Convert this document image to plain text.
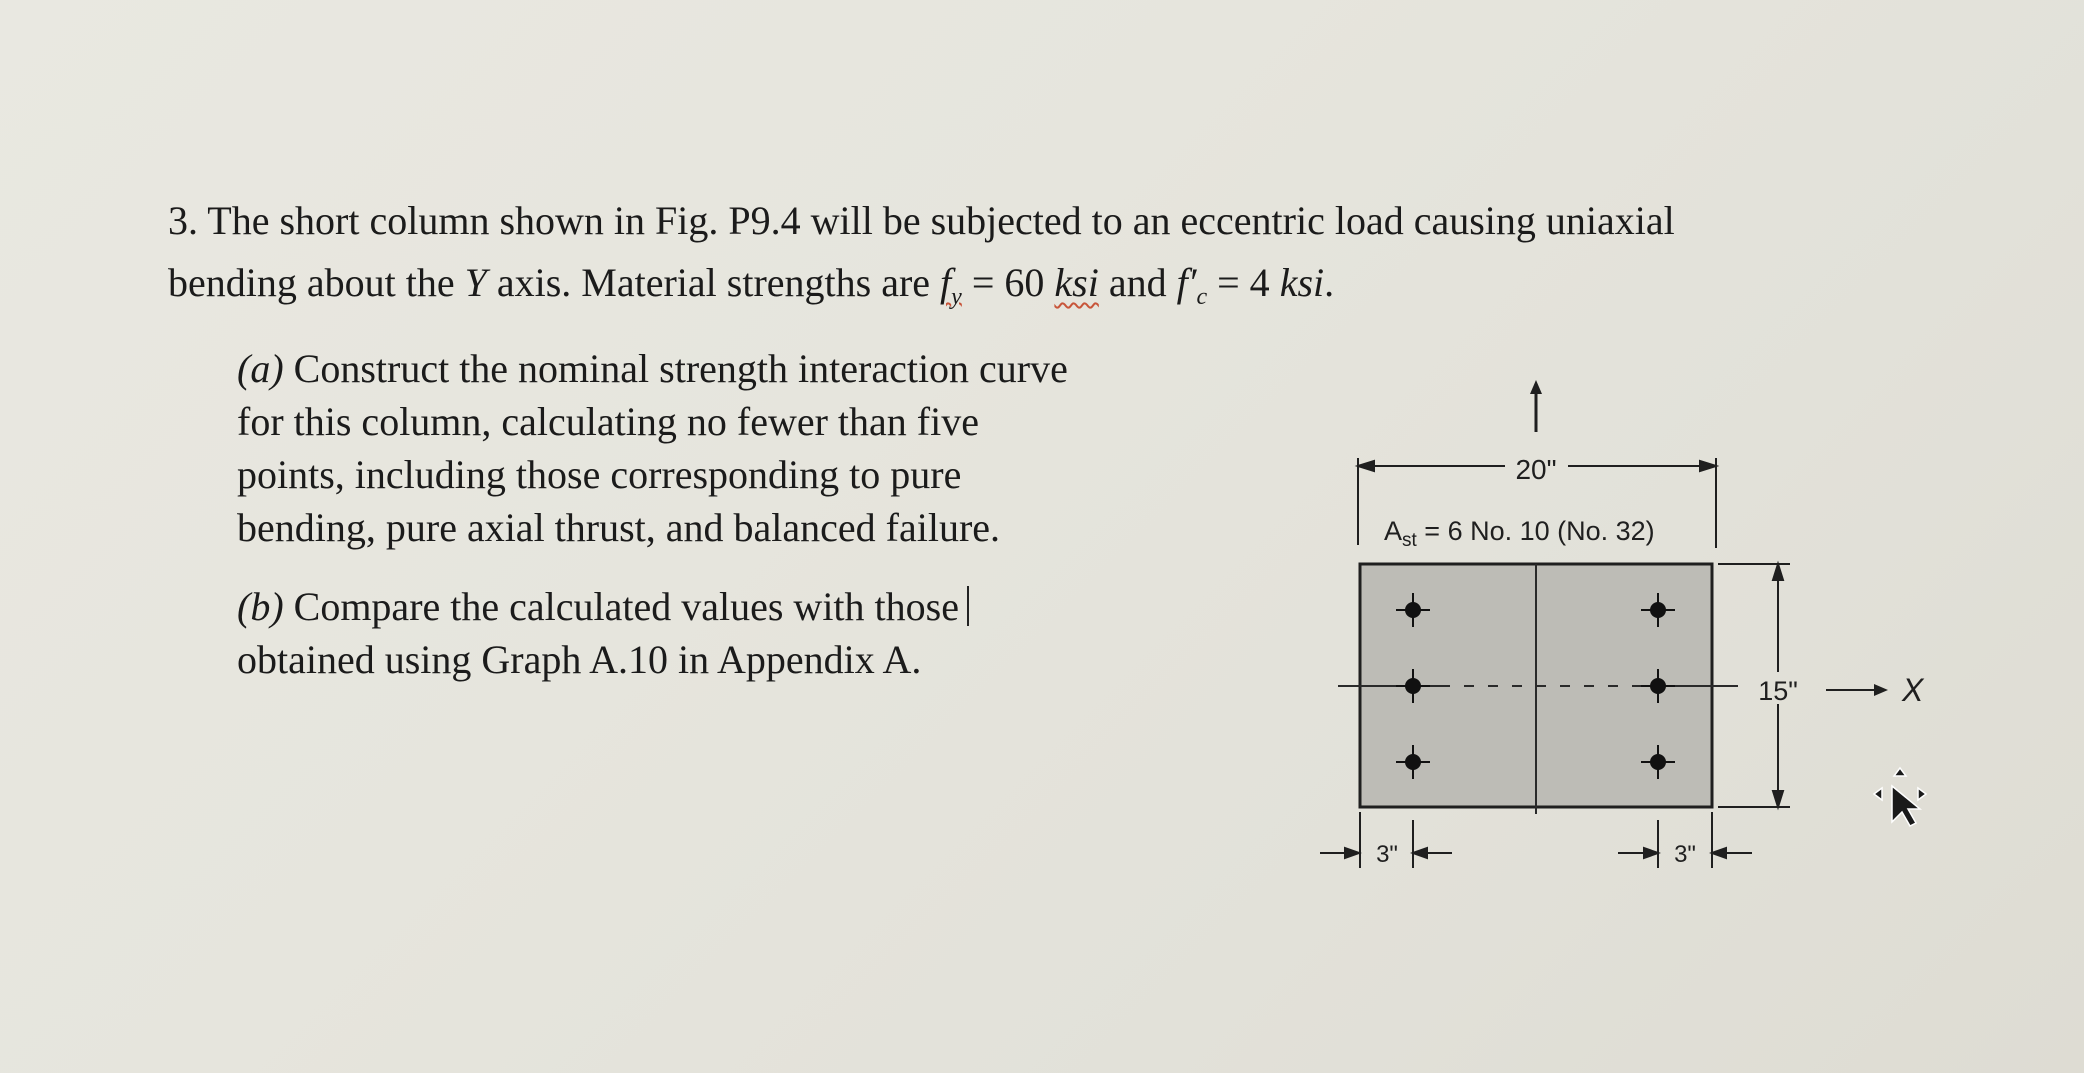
3. The short column shown in Fig. P9.4 will be subjected to an eccentric load causing uniaxial
bending about the Y axis. Material strengths are $f_y = 60$ ksi and $f'_c = 4$ ksi.
(a) Construct the nominal strength interaction curve
for this column, calculating no fewer than five
points, including those corresponding to pure
bending, pure axial thrust, and balanced failure.
(b) Compare the calculated values with those
obtained using Graph A.10 in Appendix A.
20"
$A_{st} = 6$ No. 10 (No. 32)
15"	X
3"	3"
